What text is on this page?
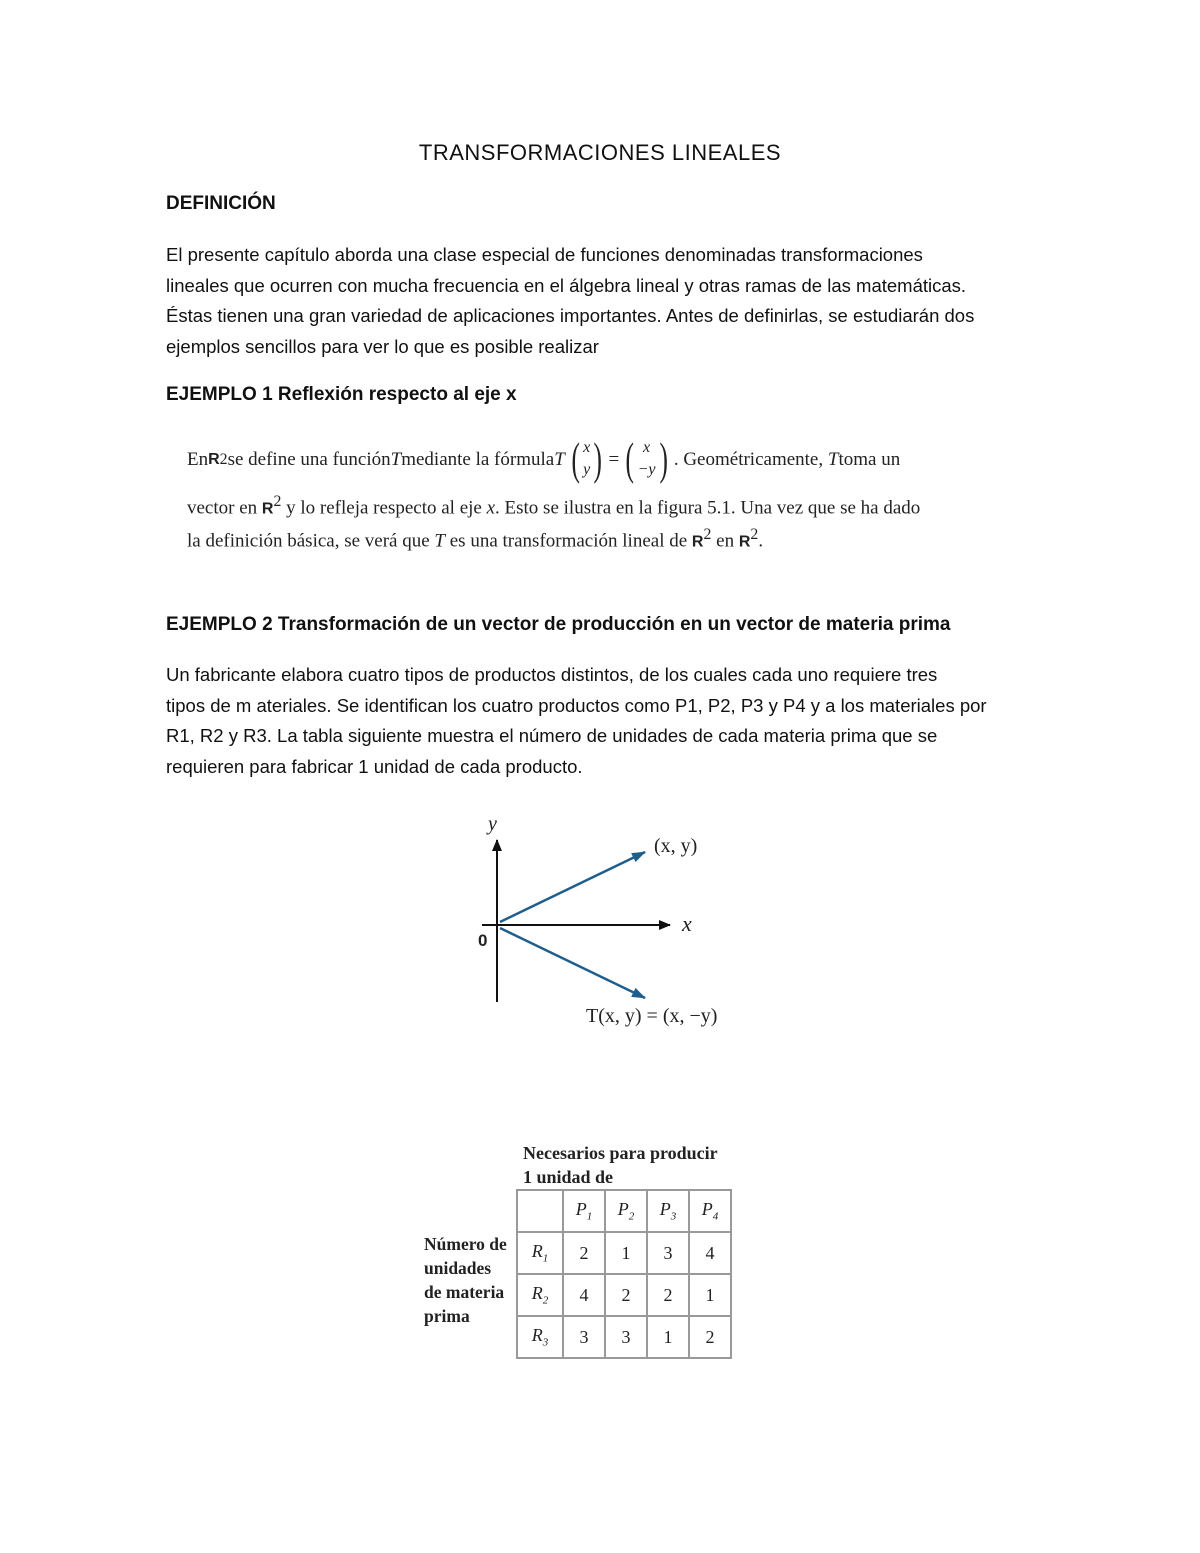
TRANSFORMACIONES LINEALES
DEFINICIÓN

El presente capítulo aborda una clase especial de funciones denominadas transformaciones

lineales que ocurren con mucha frecuencia en el álgebra lineal y otras ramas de las matemáticas.

Éstas tienen una gran variedad de aplicaciones importantes. Antes de definirlas, se estudiarán dos

ejemplos sencillos para ver lo que es posible realizar

EJEMPLO 1 Reflexión respecto al eje x
En R 2 se define una función T mediante la fórmula T ( x
y ) = ( x
−y ) . Geométricamente,
T toma un
vector en $R^2$ y lo refleja respecto al eje x. Esto se ilustra en la figura 5.1. Una vez que se ha dado
la definición básica, se verá que T es una transformación lineal de $R^2$ en $R^2$.
EJEMPLO 2 Transformación de un vector de producción en un vector de materia prima

Un fabricante elabora cuatro tipos de productos distintos, de los cuales cada uno requiere tres

tipos de m ateriales. Se identifican los cuatro productos como P1, P2, P3 y P4 y a los materiales por

R1, R2 y R3. La tabla siguiente muestra el número de unidades de cada materia prima que se

requieren para fabricar 1 unidad de cada producto.

y
x
0
(x, y)
T(x, y) = (x, −y)
Necesarios para producir
1 unidad de
Número de
unidades
de materia
prima
	$P_1$	$P_2$	$P_3$	$P_4$
$R_1$	2	1	3	4
$R_2$	4	2	2	1
$R_3$	3	3	1	2
